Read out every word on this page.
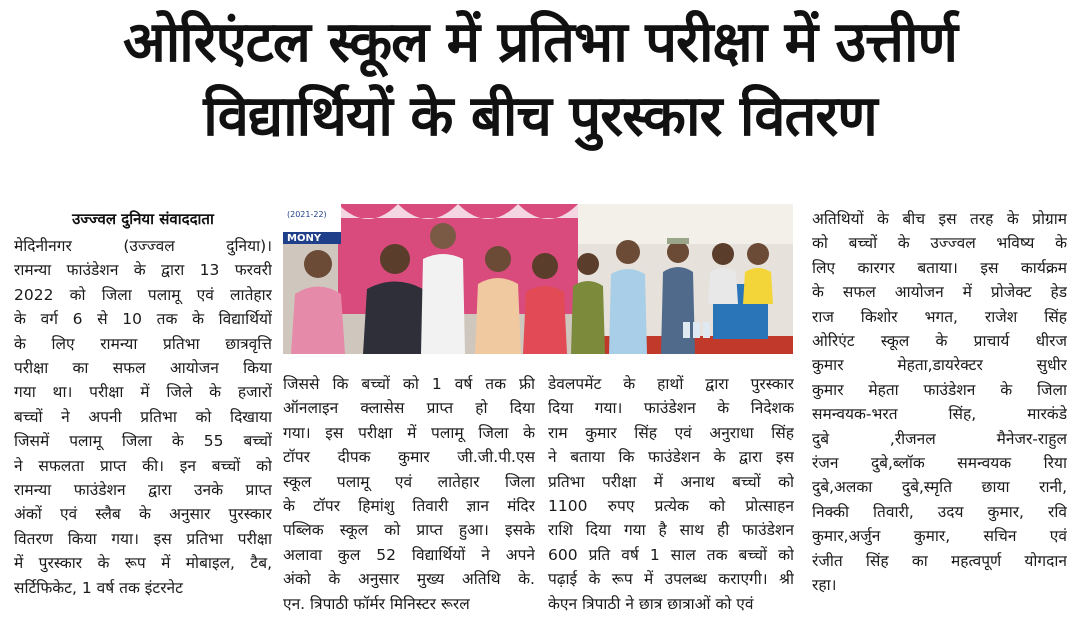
ओरिएंटल स्कूल में प्रतिभा परीक्षा में उत्तीर्ण
विद्यार्थियों के बीच पुरस्कार वितरण
उज्ज्वल दुनिया संवाददाता
मेदिनीनगर (उज्ज्वल दुनिया)।
रामन्या फाउंडेशन के द्वारा 13 फरवरी
2022 को जिला पलामू एवं लातेहार
के वर्ग 6 से 10 तक के विद्यार्थियों
के लिए रामन्या प्रतिभा छात्रवृत्ति
परीक्षा का सफल आयोजन किया
गया था। परीक्षा में जिले के हजारों
बच्चों ने अपनी प्रतिभा को दिखाया
जिसमें पलामू जिला के 55 बच्चों
ने सफलता प्राप्त की। इन बच्चों को
रामन्या फाउंडेशन द्वारा उनके प्राप्त
अंकों एवं स्लैब के अनुसार पुरस्कार
वितरण किया गया। इस प्रतिभा परीक्षा
में पुरस्कार के रूप में मोबाइल, टैब,
सर्टिफिकेट, 1 वर्ष तक इंटरनेट
जिससे कि बच्चों को 1 वर्ष तक फ्री
ऑनलाइन क्लासेस प्राप्त हो दिया
गया। इस परीक्षा में पलामू जिला के
टॉपर दीपक कुमार जी.जी.पी.एस
स्कूल पलामू एवं लातेहार जिला
के टॉपर हिमांशु तिवारी ज्ञान मंदिर
पब्लिक स्कूल को प्राप्त हुआ। इसके
अलावा कुल 52 विद्यार्थियों ने अपने
अंको के अनुसार मुख्य अतिथि के.
एन. त्रिपाठी फॉर्मर मिनिस्टर रूरल
डेवलपमेंट के हाथों द्वारा पुरस्कार
दिया गया। फाउंडेशन के निदेशक
राम कुमार सिंह एवं अनुराधा सिंह
ने बताया कि फाउंडेशन के द्वारा इस
प्रतिभा परीक्षा में अनाथ बच्चों को
1100 रुपए प्रत्येक को प्रोत्साहन
राशि दिया गया है साथ ही फाउंडेशन
600 प्रति वर्ष 1 साल तक बच्चों को
पढ़ाई के रूप में उपलब्ध कराएगी। श्री
केएन त्रिपाठी ने छात्र छात्राओं को एवं
अतिथियों के बीच इस तरह के प्रोग्राम
को बच्चों के उज्ज्वल भविष्य के
लिए कारगर बताया। इस कार्यक्रम
के सफल आयोजन में प्रोजेक्ट हेड
राज किशोर भगत, राजेश सिंह
ओरिएंट स्कूल के प्राचार्य धीरज
कुमार मेहता,डायरेक्टर सुधीर
कुमार मेहता फाउंडेशन के जिला
समन्वयक-भरत सिंह, मारकंडे
दुबे ,रीजनल मैनेजर-राहुल
रंजन दुबे,ब्लॉक समन्वयक रिया
दुबे,अलका दुबे,स्मृति छाया रानी,
निक्की तिवारी, उदय कुमार, रवि
कुमार,अर्जुन कुमार, सचिन एवं
रंजीत सिंह का महत्वपूर्ण योगदान
रहा।
(2021-22)
MONY
